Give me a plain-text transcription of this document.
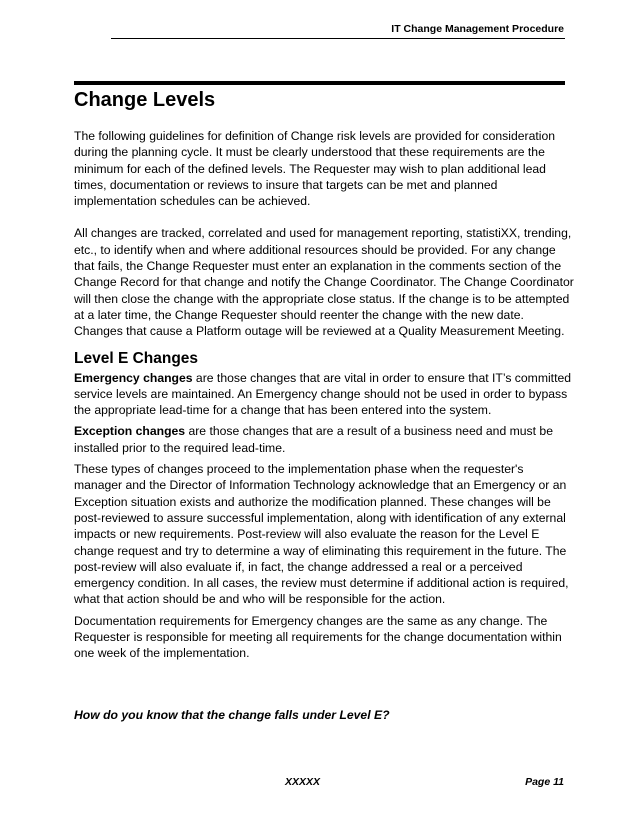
IT Change Management Procedure
Change Levels

The following guidelines for definition of Change risk levels are provided for consideration during the planning cycle. It must be clearly understood that these requirements are the minimum for each of the defined levels. The Requester may wish to plan additional lead times, documentation or reviews to insure that targets can be met and planned implementation schedules can be achieved.

All changes are tracked, correlated and used for management reporting, statistiXX, trending, etc., to identify when and where additional resources should be provided. For any change that fails, the Change Requester must enter an explanation in the comments section of the Change Record for that change and notify the Change Coordinator. The Change Coordinator will then close the change with the appropriate close status. If the change is to be attempted at a later time, the Change Requester should reenter the change with the new date. Changes that cause a Platform outage will be reviewed at a Quality Measurement Meeting.

Level E Changes

Emergency changes are those changes that are vital in order to ensure that IT’s committed service levels are maintained. An Emergency change should not be used in order to bypass the appropriate lead-time for a change that has been entered into the system.

Exception changes are those changes that are a result of a business need and must be installed prior to the required lead-time.

These types of changes proceed to the implementation phase when the requester's manager and the Director of Information Technology acknowledge that an Emergency or an Exception situation exists and authorize the modification planned. These changes will be post-reviewed to assure successful implementation, along with identification of any external impacts or new requirements. Post-review will also evaluate the reason for the Level E change request and try to determine a way of eliminating this requirement in the future. The post-review will also evaluate if, in fact, the change addressed a real or a perceived emergency condition. In all cases, the review must determine if additional action is required, what that action should be and who will be responsible for the action.

Documentation requirements for Emergency changes are the same as any change. The Requester is responsible for meeting all requirements for the change documentation within one week of the implementation.

How do you know that the change falls under Level E?
XXXXX	Page 11
